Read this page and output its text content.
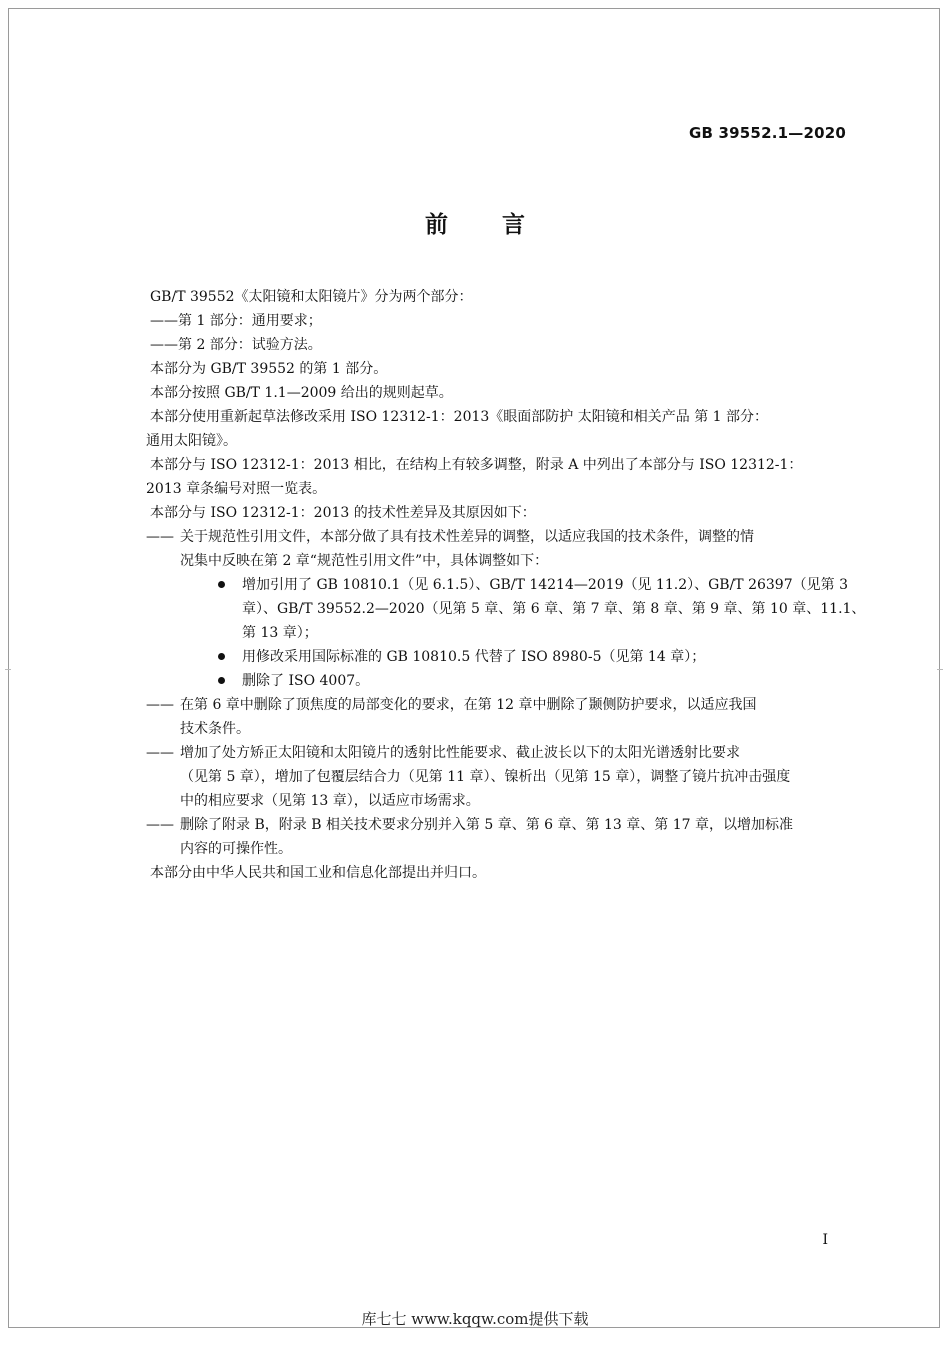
GB 39552.1—2020
前言

GB/T 39552《太阳镜和太阳镜片》分为两个部分：

——第 1 部分：通用要求；

——第 2 部分：试验方法。

本部分为 GB/T 39552 的第 1 部分。

本部分按照 GB/T 1.1—2009 给出的规则起草。

本部分使用重新起草法修改采用 ISO 12312-1：2013《眼面部防护 太阳镜和相关产品 第 1 部分：

通用太阳镜》。

本部分与 ISO 12312-1：2013 相比，在结构上有较多调整，附录 A 中列出了本部分与 ISO 12312-1：

2013 章条编号对照一览表。

本部分与 ISO 12312-1：2013 的技术性差异及其原因如下：

—— 关于规范性引用文件，本部分做了具有技术性差异的调整，以适应我国的技术条件，调整的情
况集中反映在第 2 章“规范性引用文件”中，具体调整如下：
增加引用了 GB 10810.1（见 6.1.5）、GB/T 14214—2019（见 11.2）、GB/T 26397（见第 3
章）、GB/T 39552.2—2020（见第 5 章、第 6 章、第 7 章、第 8 章、第 9 章、第 10 章、11.1、
第 13 章）；
用修改采用国际标准的 GB 10810.5 代替了 ISO 8980-5（见第 14 章）；
删除了 ISO 4007。
—— 在第 6 章中删除了顶焦度的局部变化的要求，在第 12 章中删除了颞侧防护要求，以适应我国
技术条件。
—— 增加了处方矫正太阳镜和太阳镜片的透射比性能要求、截止波长以下的太阳光谱透射比要求
（见第 5 章），增加了包覆层结合力（见第 11 章）、镍析出（见第 15 章），调整了镜片抗冲击强度
中的相应要求（见第 13 章），以适应市场需求。
—— 删除了附录 B，附录 B 相关技术要求分别并入第 5 章、第 6 章、第 13 章、第 17 章，以增加标准
内容的可操作性。

本部分由中华人民共和国工业和信息化部提出并归口。

I
库七七 www.kqqw.com提供下载
